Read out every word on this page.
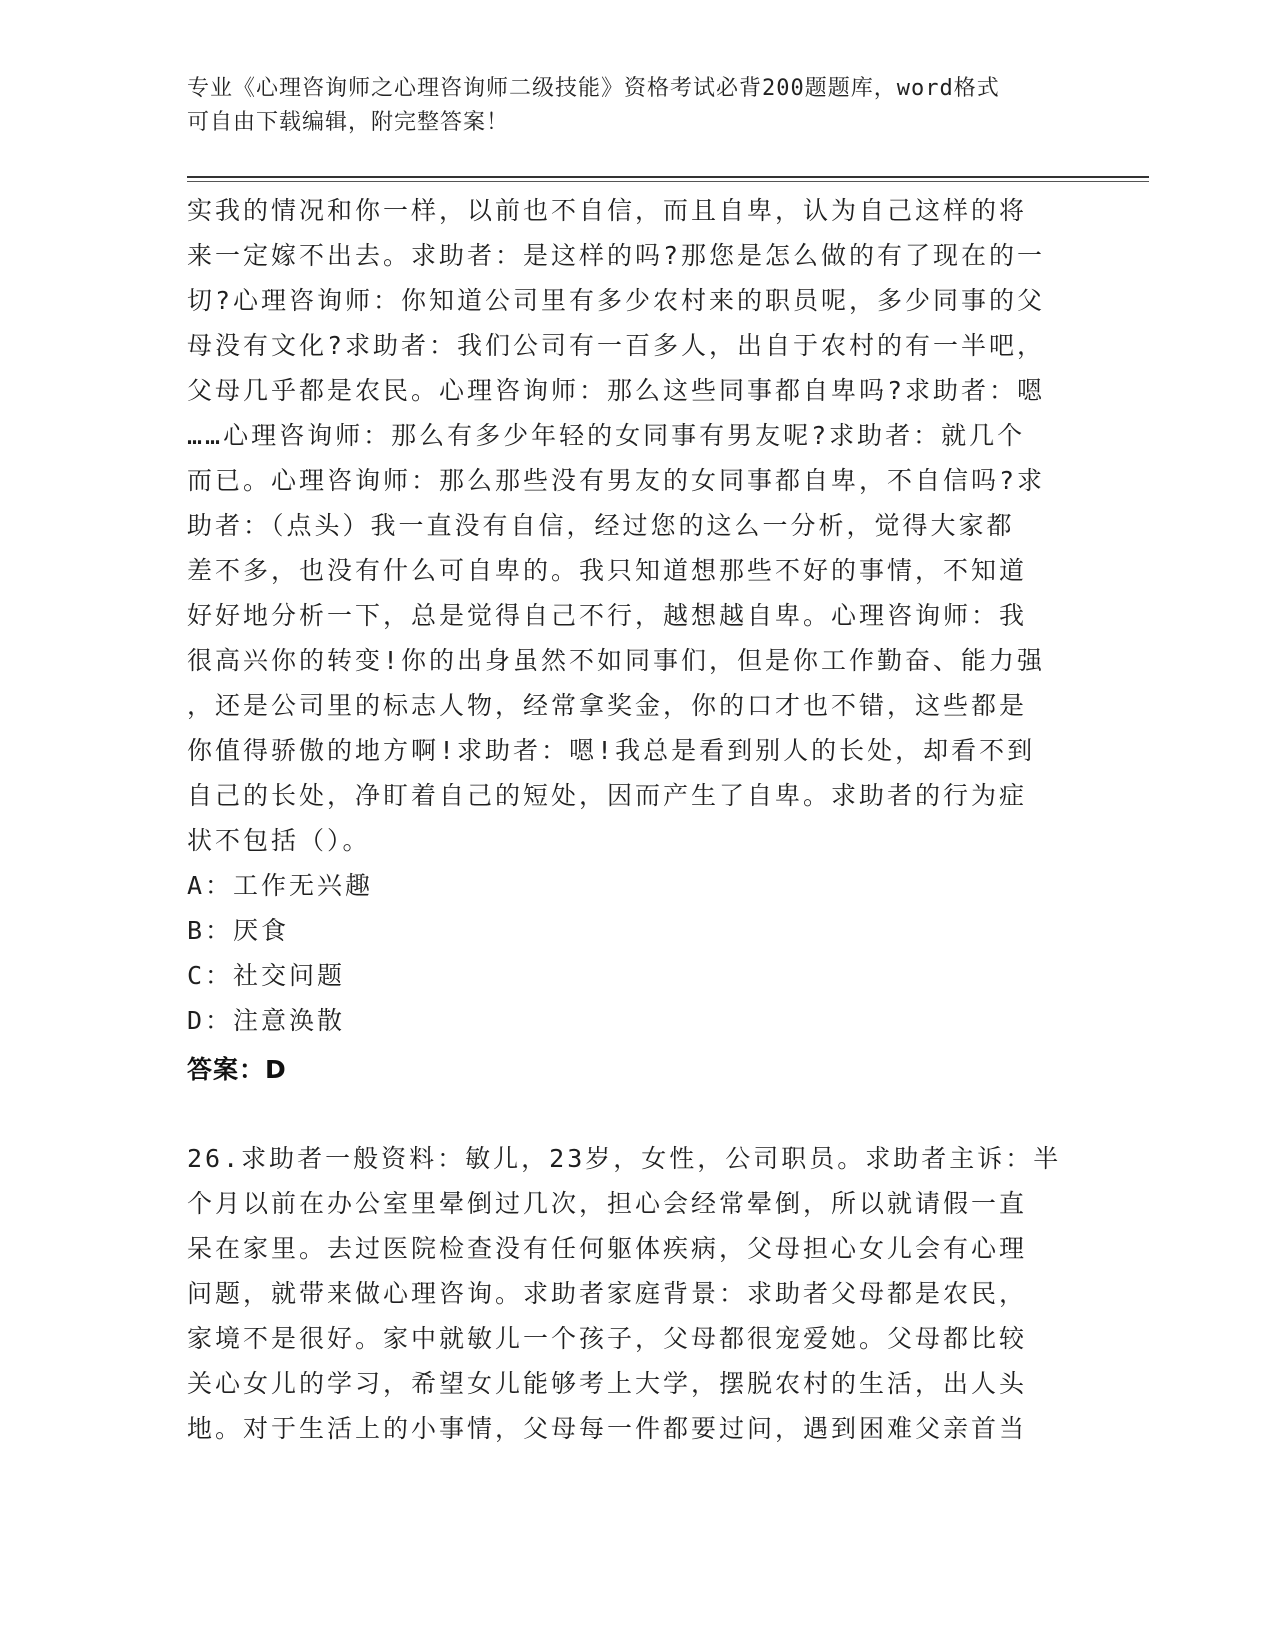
专业《心理咨询师之心理咨询师二级技能》资格考试必背200题题库，word格式
可自由下载编辑，附完整答案！
实我的情况和你一样，以前也不自信，而且自卑，认为自己这样的将
来一定嫁不出去。求助者：是这样的吗?那您是怎么做的有了现在的一
切?心理咨询师：你知道公司里有多少农村来的职员呢，多少同事的父
母没有文化?求助者：我们公司有一百多人，出自于农村的有一半吧，
父母几乎都是农民。心理咨询师：那么这些同事都自卑吗?求助者：嗯
……心理咨询师：那么有多少年轻的女同事有男友呢?求助者：就几个
而已。心理咨询师：那么那些没有男友的女同事都自卑，不自信吗?求
助者：（点头）我一直没有自信，经过您的这么一分析，觉得大家都
差不多，也没有什么可自卑的。我只知道想那些不好的事情，不知道
好好地分析一下，总是觉得自己不行，越想越自卑。心理咨询师：我
很高兴你的转变!你的出身虽然不如同事们，但是你工作勤奋、能力强
，还是公司里的标志人物，经常拿奖金，你的口才也不错，这些都是
你值得骄傲的地方啊!求助者：嗯!我总是看到别人的长处，却看不到
自己的长处，净盯着自己的短处，因而产生了自卑。求助者的行为症
状不包括（）。
A：工作无兴趣
B：厌食
C：社交问题
D：注意涣散
答案：D
26.求助者一般资料：敏儿，23岁，女性，公司职员。求助者主诉：半
个月以前在办公室里晕倒过几次，担心会经常晕倒，所以就请假一直
呆在家里。去过医院检查没有任何躯体疾病，父母担心女儿会有心理
问题，就带来做心理咨询。求助者家庭背景：求助者父母都是农民，
家境不是很好。家中就敏儿一个孩子，父母都很宠爱她。父母都比较
关心女儿的学习，希望女儿能够考上大学，摆脱农村的生活，出人头
地。对于生活上的小事情，父母每一件都要过问，遇到困难父亲首当
